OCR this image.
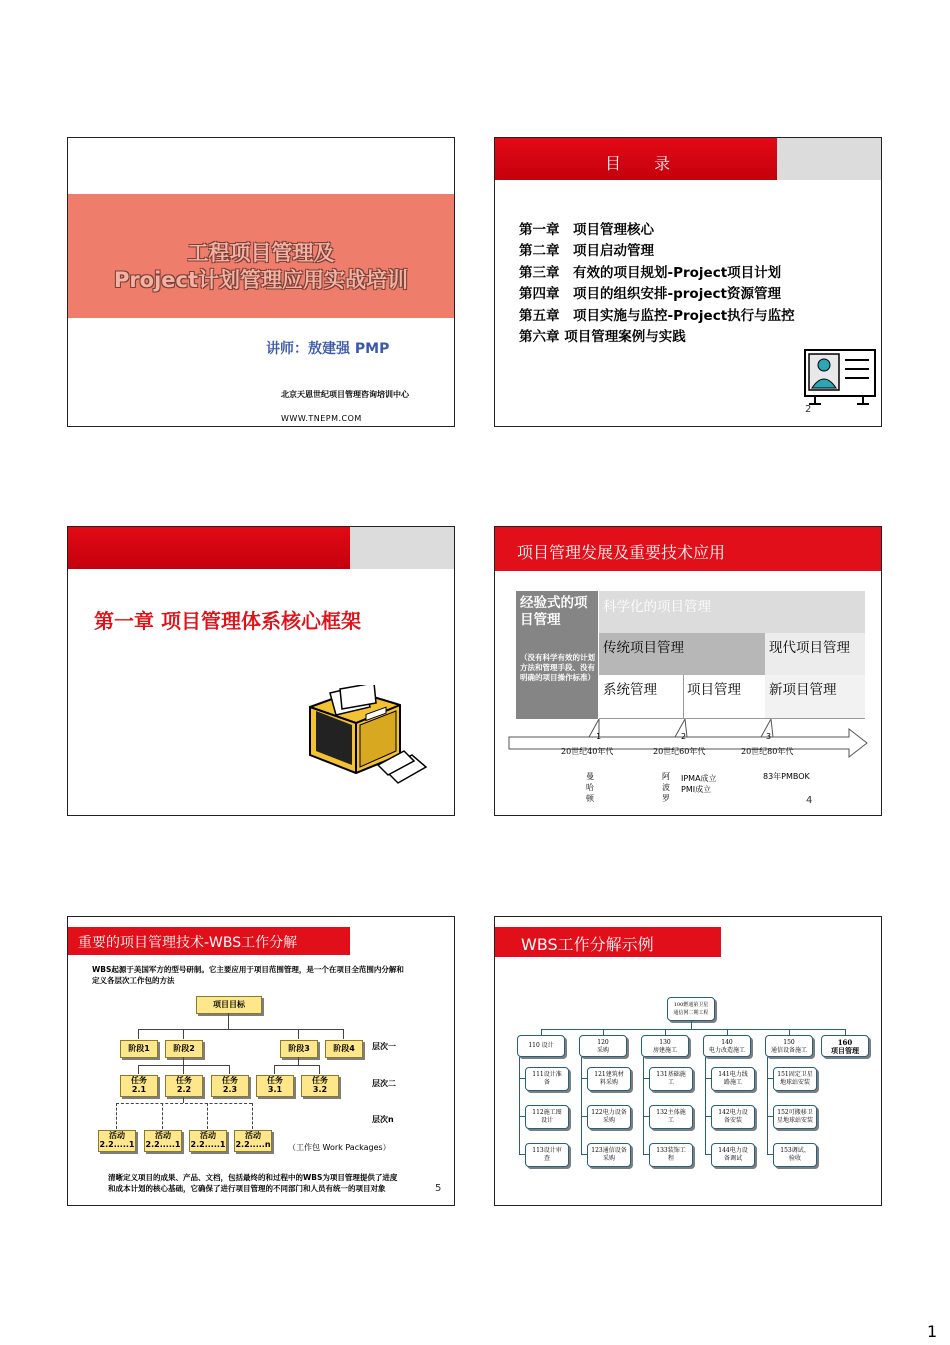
工程项目管理及
Project计划管理应用实战培训
讲师：敖建强 PMP
北京天恩世纪项目管理咨询培训中心
WWW.TNEPM.COM
目 录
第一章　项目管理核心
第二章　项目启动管理
第三章　有效的项目规划-Project项目计划
第四章　项目的组织安排-project资源管理
第五章　项目实施与监控-Project执行与监控
第六章 项目管理案例与实践
2
第一章 项目管理体系核心框架
项目管理发展及重要技术应用
经验式的项目管理
（没有科学有效的计划方法和管理手段、没有明确的项目操作标准）
科学化的项目管理
传统项目管理	现代项目管理
系统管理 项目管理 新项目管理
1	2	3
20世纪40年代	20世纪60年代	20世纪80年代
曼
哈
顿
阿
波
罗
IPMA成立
PMI成立
83年PMBOK
4
重要的项目管理技术-WBS工作分解
WBS起源于美国军方的型号研制。它主要应用于项目范围管理，是一个在项目全范围内分解和定义各层次工作包的方法
项目目标
阶段1	阶段2	阶段3	阶段4	层次一
任务
2.1
任务
2.2
任务
2.3
任务
3.1
任务
3.2
层次二
层次n
活动
2.2.....1
活动
2.2.....1
活动
2.2.....1
活动
2.2.....n （工作包 Work Packages）
清晰定义项目的成果、产品、文档，包括最终的和过程中的WBS为项目管理提供了进度和成本计划的核心基础，它确保了进行项目管理的不同部门和人员有统一的项目对象	5
WBS工作分解示例
100燃通第卫星
通信网二期工程
110 设计	120
采购
130
房建施工
140
电力改造施工
150
通信设备施工
160
项目管理
111设计准
备
112施工图
设计
113设计审
查
121建筑材
料采购
122电力设备
采购
123通信设备
采购
131基础施
工
132主体施
工
133装饰工
程
141电力线
路施工
142电力设
备安装
144电力设
备调试
151固定卫星
地球站安装
152可搬移卫
星地球站安装
153调试、
验收
1
